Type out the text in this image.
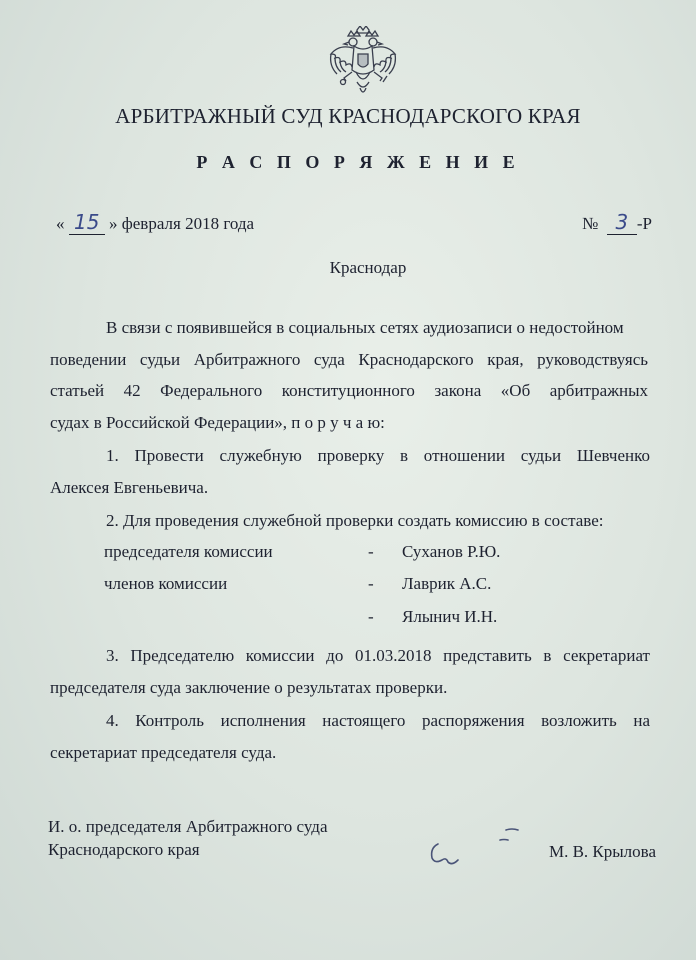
АРБИТРАЖНЫЙ СУД КРАСНОДАРСКОГО КРАЯ
Р А С П О Р Я Ж Е Н И Е
« 15 » февраля 2018 года	№ 3 -Р
Краснодар
В связи с появившейся в социальных сетях аудиозаписи о недостойном
поведении судьи Арбитражного суда Краснодарского края, руководствуясь
статьей 42 Федерального конституционного закона «Об арбитражных
судах в Российской Федерации», п о р у ч а ю:
1. Провести служебную проверку в отношении судьи Шевченко
Алексея Евгеньевича.
2. Для проведения служебной проверки создать комиссию в составе:
председателя комиссии	- Суханов Р.Ю.
членов комиссии	- Лаврик А.С.
- Ялынич И.Н.
3. Председателю комиссии до 01.03.2018 представить в секретариат
председателя суда заключение о результатах проверки.
4. Контроль исполнения настоящего распоряжения возложить на
секретариат председателя суда.
И. о. председателя Арбитражного суда
Краснодарского края	М. В. Крылова
